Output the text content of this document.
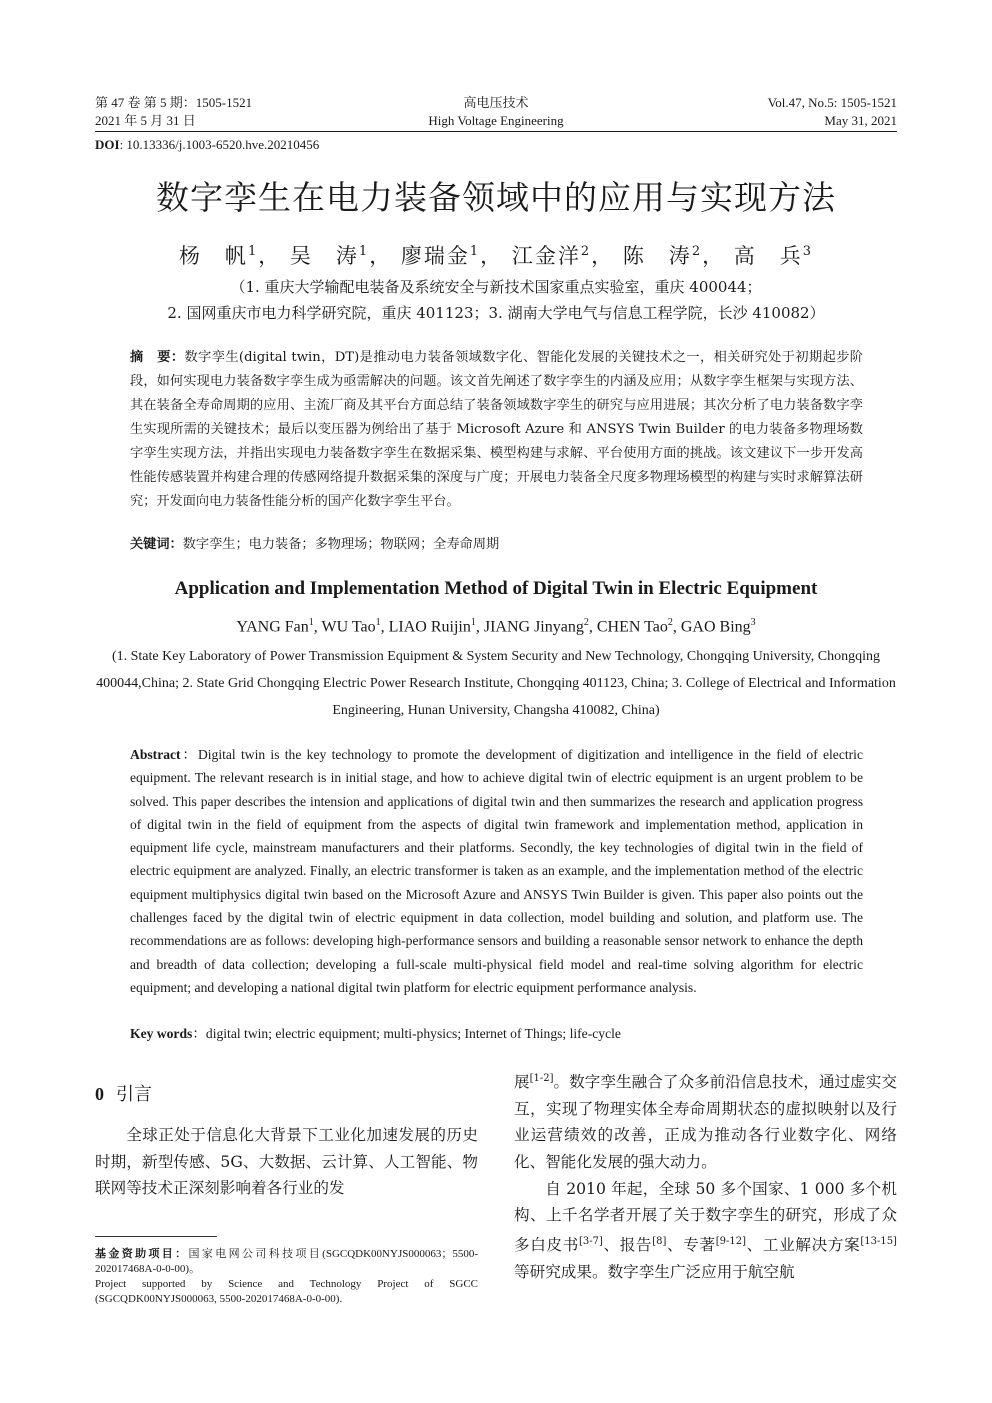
第 47 卷 第 5 期：1505-1521	高电压技术	Vol.47, No.5: 1505-1521
2021 年 5 月 31 日	High Voltage Engineering	May 31, 2021
DOI: 10.13336/j.1003-6520.hve.20210456
数字孪生在电力装备领域中的应用与实现方法
杨　帆$^1$， 吴　涛$^1$， 廖瑞金$^1$， 江金洋$^2$， 陈　涛$^2$， 高　兵$^3$
（1. 重庆大学输配电装备及系统安全与新技术国家重点实验室，重庆 400044；
2. 国网重庆市电力科学研究院，重庆 401123；3. 湖南大学电气与信息工程学院，长沙 410082）
摘　要：数字孪生(digital twin，DT)是推动电力装备领域数字化、智能化发展的关键技术之一，相关研究处于初期起步阶段，如何实现电力装备数字孪生成为亟需解决的问题。该文首先阐述了数字孪生的内涵及应用；从数字孪生框架与实现方法、其在装备全寿命周期的应用、主流厂商及其平台方面总结了装备领域数字孪生的研究与应用进展；其次分析了电力装备数字孪生实现所需的关键技术；最后以变压器为例给出了基于 Microsoft Azure 和 ANSYS Twin Builder 的电力装备多物理场数字孪生实现方法，并指出实现电力装备数字孪生在数据采集、模型构建与求解、平台使用方面的挑战。该文建议下一步开发高性能传感装置并构建合理的传感网络提升数据采集的深度与广度；开展电力装备全尺度多物理场模型的构建与实时求解算法研究；开发面向电力装备性能分析的国产化数字孪生平台。
关键词：数字孪生；电力装备；多物理场；物联网；全寿命周期
Application and Implementation Method of Digital Twin in Electric Equipment
YANG Fan$^1$, WU Tao$^1$, LIAO Ruijin$^1$, JIANG Jinyang$^2$, CHEN Tao$^2$, GAO Bing$^3$
(1. State Key Laboratory of Power Transmission Equipment & System Security and New Technology, Chongqing University, Chongqing 400044,China; 2. State Grid Chongqing Electric Power Research Institute, Chongqing 401123, China; 3. College of Electrical and Information Engineering, Hunan University, Changsha 410082, China)
Abstract：Digital twin is the key technology to promote the development of digitization and intelligence in the field of electric equipment. The relevant research is in initial stage, and how to achieve digital twin of electric equipment is an urgent problem to be solved. This paper describes the intension and applications of digital twin and then summarizes the research and application progress of digital twin in the field of equipment from the aspects of digital twin framework and implementation method, application in equipment life cycle, mainstream manufacturers and their platforms. Secondly, the key technologies of digital twin in the field of electric equipment are analyzed. Finally, an electric transformer is taken as an example, and the implementation method of the electric equipment multiphysics digital twin based on the Microsoft Azure and ANSYS Twin Builder is given. This paper also points out the challenges faced by the digital twin of electric equipment in data collection, model building and solution, and platform use. The recommendations are as follows: developing high-performance sensors and building a reasonable sensor network to enhance the depth and breadth of data collection; developing a full-scale multi-physical field model and real-time solving algorithm for electric equipment; and developing a national digital twin platform for electric equipment performance analysis.
Key words：digital twin; electric equipment; multi-physics; Internet of Things; life-cycle
0 引言

全球正处于信息化大背景下工业化加速发展的历史时期，新型传感、5G、大数据、云计算、人工智能、物联网等技术正深刻影响着各行业的发

基金资助项目：国家电网公司科技项目(SGCQDK00NYJS000063；5500-202017468A-0-0-00)。

Project supported by Science and Technology Project of SGCC (SGCQDK00NYJS000063, 5500-202017468A-0-0-00).

展[1-2]。数字孪生融合了众多前沿信息技术，通过虚实交互，实现了物理实体全寿命周期状态的虚拟映射以及行业运营绩效的改善，正成为推动各行业数字化、网络化、智能化发展的强大动力。

自 2010 年起，全球 50 多个国家、1 000 多个机构、上千名学者开展了关于数字孪生的研究，形成了众多白皮书[3-7]、报告[8]、专著[9-12]、工业解决方案[13-15]等研究成果。数字孪生广泛应用于航空航
